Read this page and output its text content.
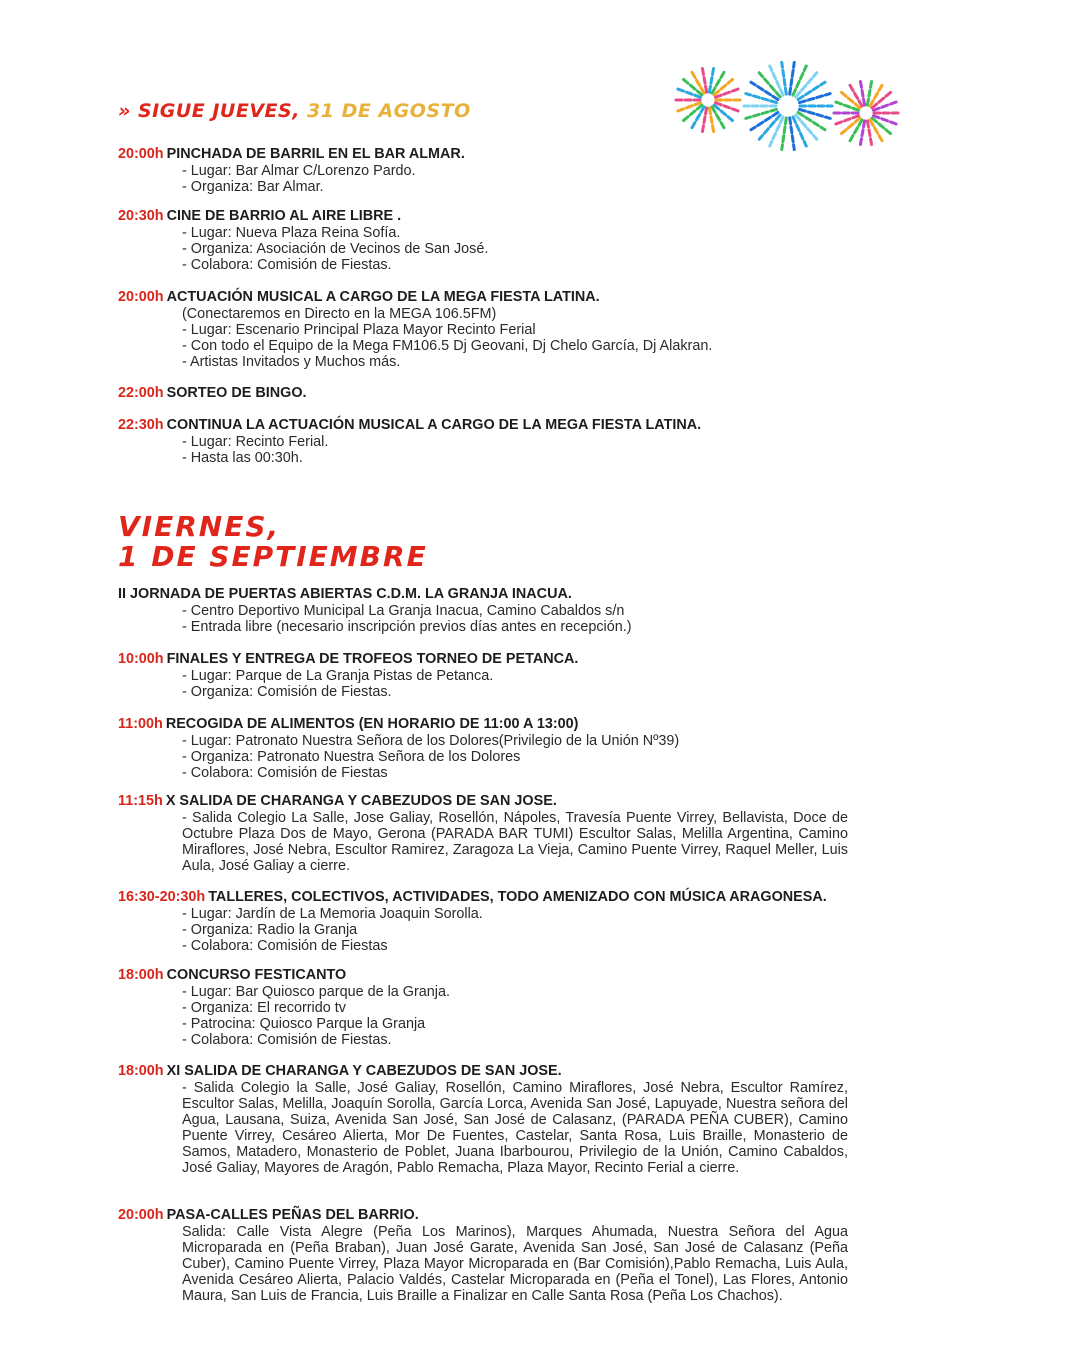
» SIGUE JUEVES, 31 DE AGOSTO
20:00h PINCHADA DE BARRIL EN EL BAR ALMAR.
- Lugar: Bar Almar C/Lorenzo Pardo.
- Organiza: Bar Almar.
20:30h CINE DE BARRIO AL AIRE LIBRE .
- Lugar: Nueva Plaza Reina Sofía.
- Organiza: Asociación de Vecinos de San José.
- Colabora: Comisión de Fiestas.
20:00h ACTUACIÓN MUSICAL A CARGO DE LA MEGA FIESTA LATINA.
(Conectaremos en Directo en la MEGA 106.5FM)
- Lugar: Escenario Principal Plaza Mayor Recinto Ferial
- Con todo el Equipo de la Mega FM106.5 Dj Geovani, Dj Chelo García, Dj Alakran.
- Artistas Invitados y Muchos más.
22:00h SORTEO DE BINGO.
22:30h CONTINUA LA ACTUACIÓN MUSICAL A CARGO DE LA MEGA FIESTA LATINA.
- Lugar: Recinto Ferial.
- Hasta las 00:30h.
VIERNES,
1 DE SEPTIEMBRE
II JORNADA DE PUERTAS ABIERTAS C.D.M. LA GRANJA INACUA.
- Centro Deportivo Municipal La Granja Inacua, Camino Cabaldos s/n
- Entrada libre (necesario inscripción previos días antes en recepción.)
10:00h FINALES Y ENTREGA DE TROFEOS TORNEO DE PETANCA.
- Lugar: Parque de La Granja Pistas de Petanca.
- Organiza: Comisión de Fiestas.
11:00h RECOGIDA DE ALIMENTOS (EN HORARIO DE 11:00 A 13:00)
- Lugar: Patronato Nuestra Señora de los Dolores(Privilegio de la Unión Nº39)
- Organiza: Patronato Nuestra Señora de los Dolores
- Colabora: Comisión de Fiestas
11:15h X SALIDA DE CHARANGA Y CABEZUDOS DE SAN JOSE.
- Salida Colegio La Salle, Jose Galiay, Rosellón, Nápoles, Travesía Puente Virrey, Bellavista, Doce de Octubre Plaza Dos de Mayo, Gerona (PARADA BAR TUMI) Escultor Salas, Melilla Argentina, Camino Miraflores, José Nebra, Escultor Ramirez, Zaragoza La Vieja, Camino Puente Virrey, Raquel Meller, Luis Aula, José Galiay a cierre.
16:30-20:30h TALLERES, COLECTIVOS, ACTIVIDADES, TODO AMENIZADO CON MÚSICA ARAGONESA.
- Lugar: Jardín de La Memoria Joaquin Sorolla.
- Organiza: Radio la Granja
- Colabora: Comisión de Fiestas
18:00h CONCURSO FESTICANTO
- Lugar: Bar Quiosco parque de la Granja.
- Organiza: El recorrido tv
- Patrocina: Quiosco Parque la Granja
- Colabora: Comisión de Fiestas.
18:00h XI SALIDA DE CHARANGA Y CABEZUDOS DE SAN JOSE.
- Salida Colegio la Salle, José Galiay, Rosellón, Camino Miraflores, José Nebra, Escultor Ramírez, Escultor Salas, Melilla, Joaquín Sorolla, García Lorca, Avenida San José, Lapuyade, Nuestra señora del Agua, Lausana, Suiza, Avenida San José, San José de Calasanz, (PARADA PEÑA CUBER), Camino Puente Virrey, Cesáreo Alierta, Mor De Fuentes, Castelar, Santa Rosa, Luis Braille, Monasterio de Samos, Matadero, Monasterio de Poblet, Juana Ibarbourou, Privilegio de la Unión, Camino Cabaldos, José Galiay, Mayores de Aragón, Pablo Remacha, Plaza Mayor, Recinto Ferial a cierre.
20:00h PASA-CALLES PEÑAS DEL BARRIO.
Salida: Calle Vista Alegre (Peña Los Marinos), Marques Ahumada, Nuestra Señora del Agua Microparada en (Peña Braban), Juan José Garate, Avenida San José, San José de Calasanz (Peña Cuber), Camino Puente Virrey, Plaza Mayor Microparada en (Bar Comisión),Pablo Remacha, Luis Aula, Avenida Cesáreo Alierta, Palacio Valdés, Castelar Microparada en (Peña el Tonel), Las Flores, Antonio Maura, San Luis de Francia, Luis Braille a Finalizar en Calle Santa Rosa (Peña Los Chachos).
